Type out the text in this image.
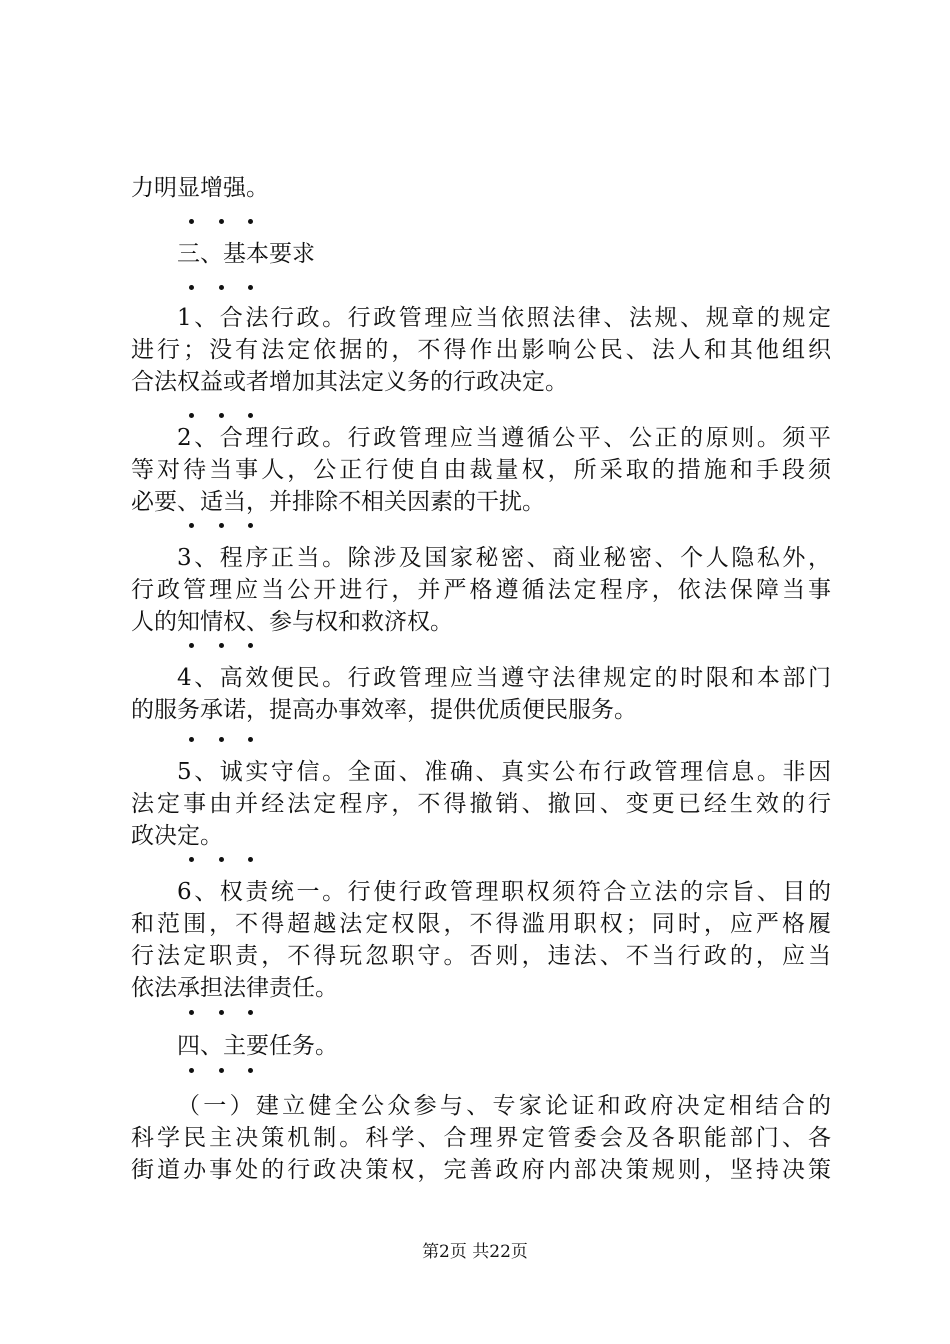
力明显增强。
三、基本要求
1、合法行政。行政管理应当依照法律、法规、规章的规定
进行；没有法定依据的，不得作出影响公民、法人和其他组织
合法权益或者增加其法定义务的行政决定。
2、合理行政。行政管理应当遵循公平、公正的原则。须平
等对待当事人，公正行使自由裁量权，所采取的措施和手段须
必要、适当，并排除不相关因素的干扰。
3、程序正当。除涉及国家秘密、商业秘密、个人隐私外，
行政管理应当公开进行，并严格遵循法定程序，依法保障当事
人的知情权、参与权和救济权。
4、高效便民。行政管理应当遵守法律规定的时限和本部门
的服务承诺，提高办事效率，提供优质便民服务。
5、诚实守信。全面、准确、真实公布行政管理信息。非因
法定事由并经法定程序，不得撤销、撤回、变更已经生效的行
政决定。
6、权责统一。行使行政管理职权须符合立法的宗旨、目的
和范围，不得超越法定权限，不得滥用职权；同时，应严格履
行法定职责，不得玩忽职守。否则，违法、不当行政的，应当
依法承担法律责任。
四、主要任务。
（一）建立健全公众参与、专家论证和政府决定相结合的
科学民主决策机制。科学、合理界定管委会及各职能部门、各
街道办事处的行政决策权，完善政府内部决策规则，坚持决策
第2页 共22页
